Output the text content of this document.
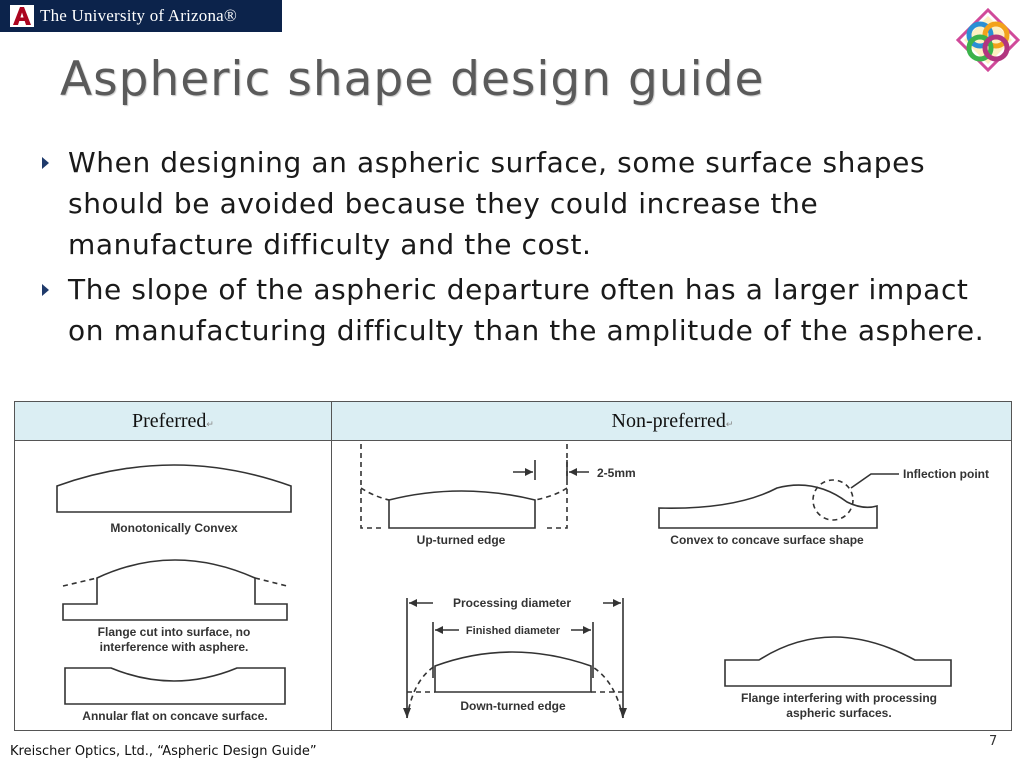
The University of Arizona®
Aspheric shape design guide
When designing an aspheric surface, some surface shapes should be avoided because they could increase the manufacture difficulty and the cost.
The slope of the aspheric departure often has a larger impact on manufacturing difficulty than the amplitude of the asphere.
Preferred↵	Non-preferred↵
Monotonically Convex
Flange cut into surface, no
interference with asphere.
Annular flat on concave surface.
Up-turned edge
2-5mm	Inflection point
Convex to concave surface shape
Processing diameter
Finished diameter
Down-turned edge
Flange interfering with processing
aspheric surfaces.
Kreischer Optics, Ltd., “Aspheric Design Guide”
7
